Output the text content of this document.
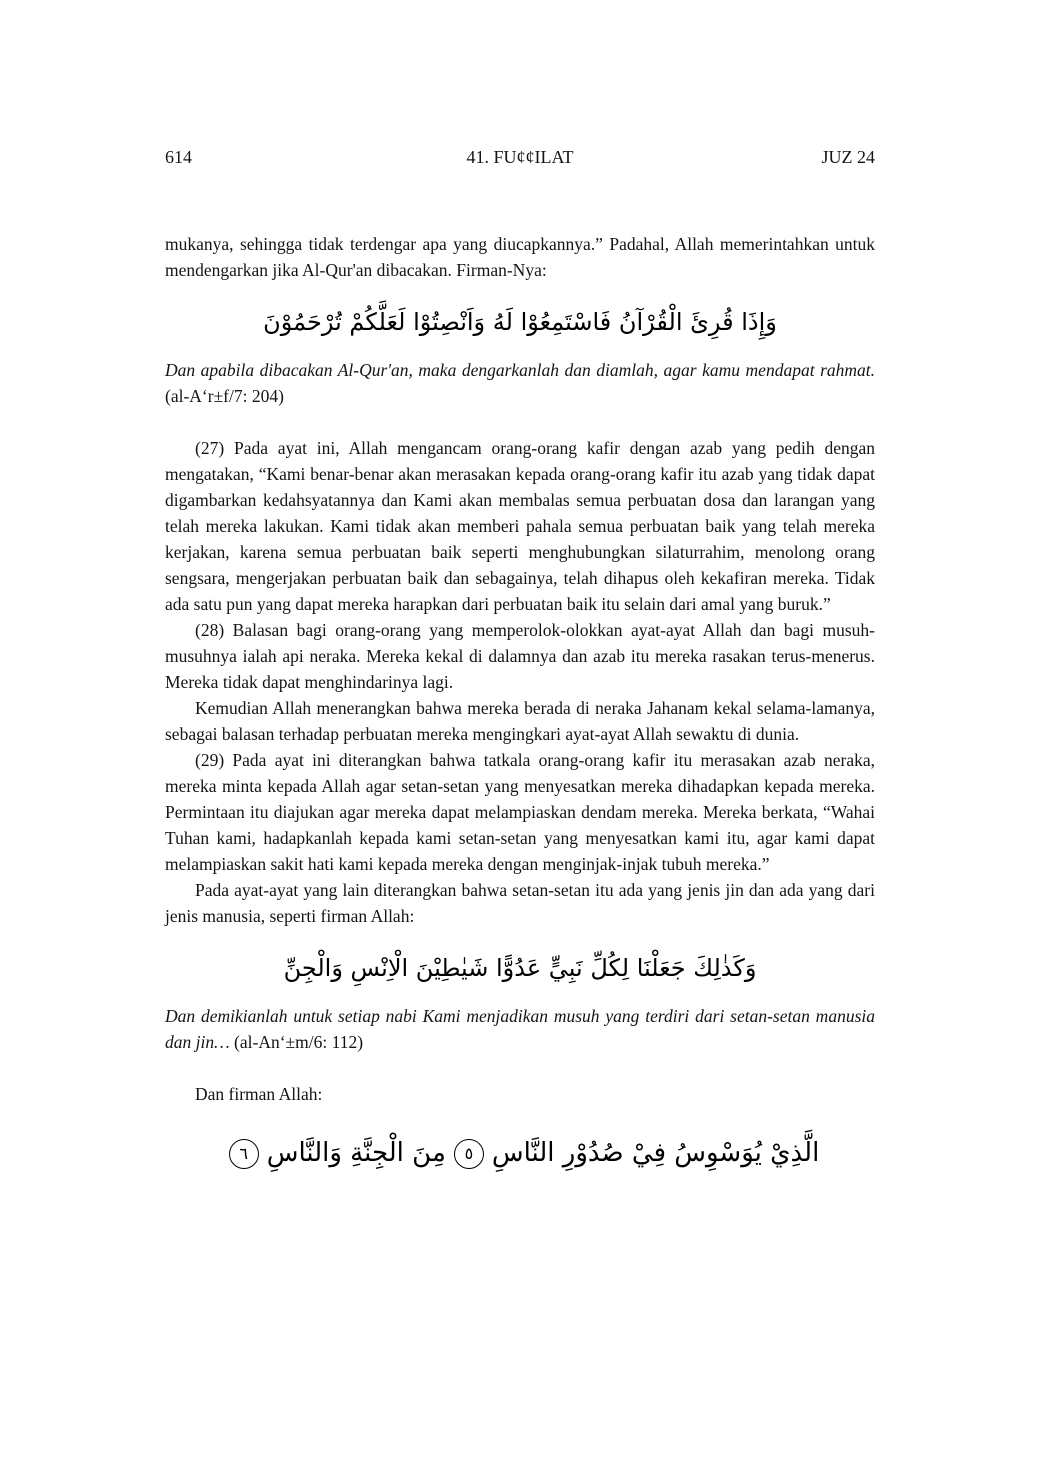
614	41. FU¢¢ILAT	JUZ 24

mukanya, sehingga tidak terdengar apa yang diucapkannya.” Padahal, Allah memerintahkan untuk mendengarkan jika Al-Qur'an dibacakan. Firman-Nya:

وَإِذَا قُرِئَ الْقُرْآنُ فَاسْتَمِعُوْا لَهُ وَاَنْصِتُوْا لَعَلَّكُمْ تُرْحَمُوْنَ

Dan apabila dibacakan Al-Qur'an, maka dengarkanlah dan diamlah, agar kamu mendapat rahmat. (al-A‘r±f/7: 204)

(27) Pada ayat ini, Allah mengancam orang-orang kafir dengan azab yang pedih dengan mengatakan, “Kami benar-benar akan merasakan kepada orang-orang kafir itu azab yang tidak dapat digambarkan kedahsyatannya dan Kami akan membalas semua perbuatan dosa dan larangan yang telah mereka lakukan. Kami tidak akan memberi pahala semua perbuatan baik yang telah mereka kerjakan, karena semua perbuatan baik seperti menghubungkan silaturrahim, menolong orang sengsara, mengerjakan perbuatan baik dan sebagainya, telah dihapus oleh kekafiran mereka. Tidak ada satu pun yang dapat mereka harapkan dari perbuatan baik itu selain dari amal yang buruk.”

(28) Balasan bagi orang-orang yang memperolok-olokkan ayat-ayat Allah dan bagi musuh-musuhnya ialah api neraka. Mereka kekal di dalamnya dan azab itu mereka rasakan terus-menerus. Mereka tidak dapat menghindarinya lagi.

Kemudian Allah menerangkan bahwa mereka berada di neraka Jahanam kekal selama-lamanya, sebagai balasan terhadap perbuatan mereka mengingkari ayat-ayat Allah sewaktu di dunia.

(29) Pada ayat ini diterangkan bahwa tatkala orang-orang kafir itu merasakan azab neraka, mereka minta kepada Allah agar setan-setan yang menyesatkan mereka dihadapkan kepada mereka. Permintaan itu diajukan agar mereka dapat melampiaskan dendam mereka. Mereka berkata, “Wahai Tuhan kami, hadapkanlah kepada kami setan-setan yang menyesatkan kami itu, agar kami dapat melampiaskan sakit hati kami kepada mereka dengan menginjak-injak tubuh mereka.”

Pada ayat-ayat yang lain diterangkan bahwa setan-setan itu ada yang jenis jin dan ada yang dari jenis manusia, seperti firman Allah:

وَكَذٰلِكَ جَعَلْنَا لِكُلِّ نَبِيٍّ عَدُوًّا شَيٰطِيْنَ الْاِنْسِ وَالْجِنِّ

Dan demikianlah untuk setiap nabi Kami menjadikan musuh yang terdiri dari setan-setan manusia dan jin… (al-An‘±m/6: 112)

Dan firman Allah:

الَّذِيْ يُوَسْوِسُ فِيْ صُدُوْرِ النَّاسِ٥مِنَ الْجِنَّةِ وَالنَّاسِ٦
